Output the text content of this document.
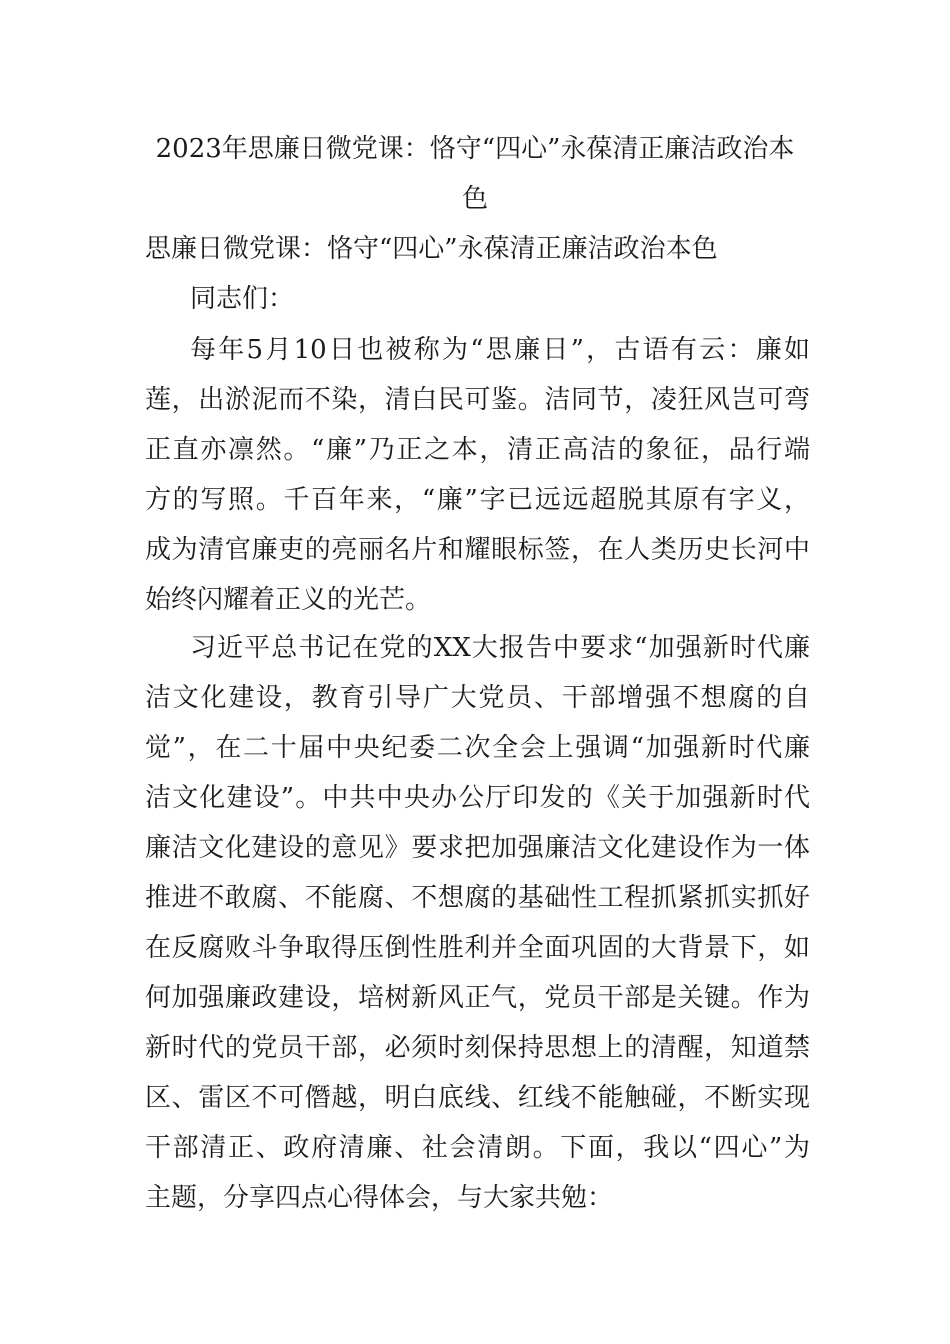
2023年思廉日微党课：恪守“四心”永葆清正廉洁政治本
色
思廉日微党课：恪守“四心”永葆清正廉洁政治本色
同志们：
每年5月10日也被称为“思廉日”，古语有云：廉如
莲，出淤泥而不染，清白民可鉴。洁同节，凌狂风岂可弯
正直亦凛然。“廉”乃正之本，清正高洁的象征，品行端
方的写照。千百年来，“廉”字已远远超脱其原有字义，
成为清官廉吏的亮丽名片和耀眼标签，在人类历史长河中
始终闪耀着正义的光芒。
习近平总书记在党的XX大报告中要求“加强新时代廉
洁文化建设，教育引导广大党员、干部增强不想腐的自
觉”，在二十届中央纪委二次全会上强调“加强新时代廉
洁文化建设”。中共中央办公厅印发的《关于加强新时代
廉洁文化建设的意见》要求把加强廉洁文化建设作为一体
推进不敢腐、不能腐、不想腐的基础性工程抓紧抓实抓好
在反腐败斗争取得压倒性胜利并全面巩固的大背景下，如
何加强廉政建设，培树新风正气，党员干部是关键。作为
新时代的党员干部，必须时刻保持思想上的清醒，知道禁
区、雷区不可僭越，明白底线、红线不能触碰，不断实现
干部清正、政府清廉、社会清朗。下面，我以“四心”为
主题，分享四点心得体会，与大家共勉：
